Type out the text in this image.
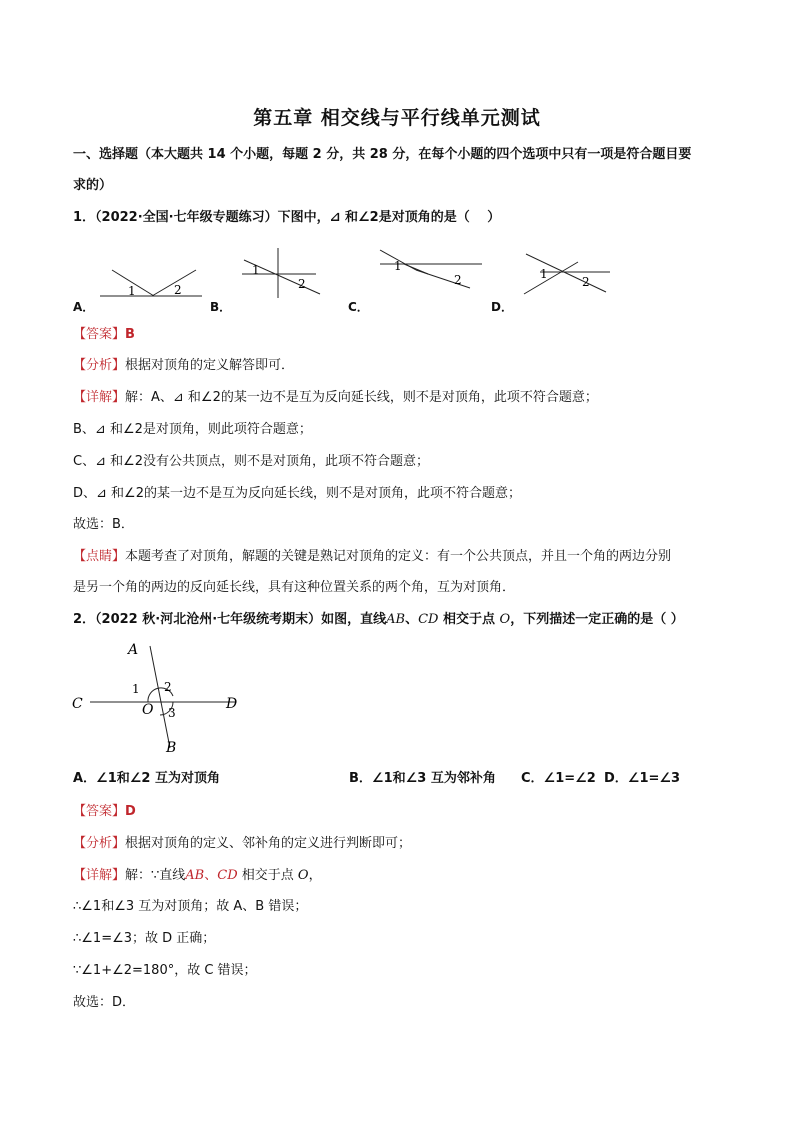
第五章 相交线与平行线单元测试
一、选择题（本大题共 14 个小题，每题 2 分，共 28 分，在每个小题的四个选项中只有一项是符合题目要
求的）
1．（2022·全国·七年级专题练习）下图中，⊿ 和∠2是对顶角的是（　 ）
A．
1	2
B．
1
2
C．
1
2
D．
1
2
【答案】B
【分析】根据对顶角的定义解答即可．
【详解】解：A、⊿ 和∠2的某一边不是互为反向延长线，则不是对顶角，此项不符合题意；
B、⊿ 和∠2是对顶角，则此项符合题意；
C、⊿ 和∠2没有公共顶点，则不是对顶角，此项不符合题意；
D、⊿ 和∠2的某一边不是互为反向延长线，则不是对顶角，此项不符合题意；
故选：B．
【点睛】本题考查了对顶角，解题的关键是熟记对顶角的定义：有一个公共顶点，并且一个角的两边分别
是另一个角的两边的反向延长线，具有这种位置关系的两个角，互为对顶角．
2．（2022 秋·河北沧州·七年级统考期末）如图，直线AB、CD 相交于点 O，下列描述一定正确的是（ ）
A
C	D
B
O
1 2
3
A．∠1和∠2 互为对顶角	B．∠1和∠3 互为邻补角 C．∠1=∠2 D．∠1=∠3
【答案】D
【分析】根据对顶角的定义、邻补角的定义进行判断即可；
【详解】解：∵直线AB、CD 相交于点 O，
∴∠1和∠3 互为对顶角；故 A、B 错误；
∴∠1=∠3；故 D 正确；
∵∠1+∠2=180°，故 C 错误；
故选：D．
